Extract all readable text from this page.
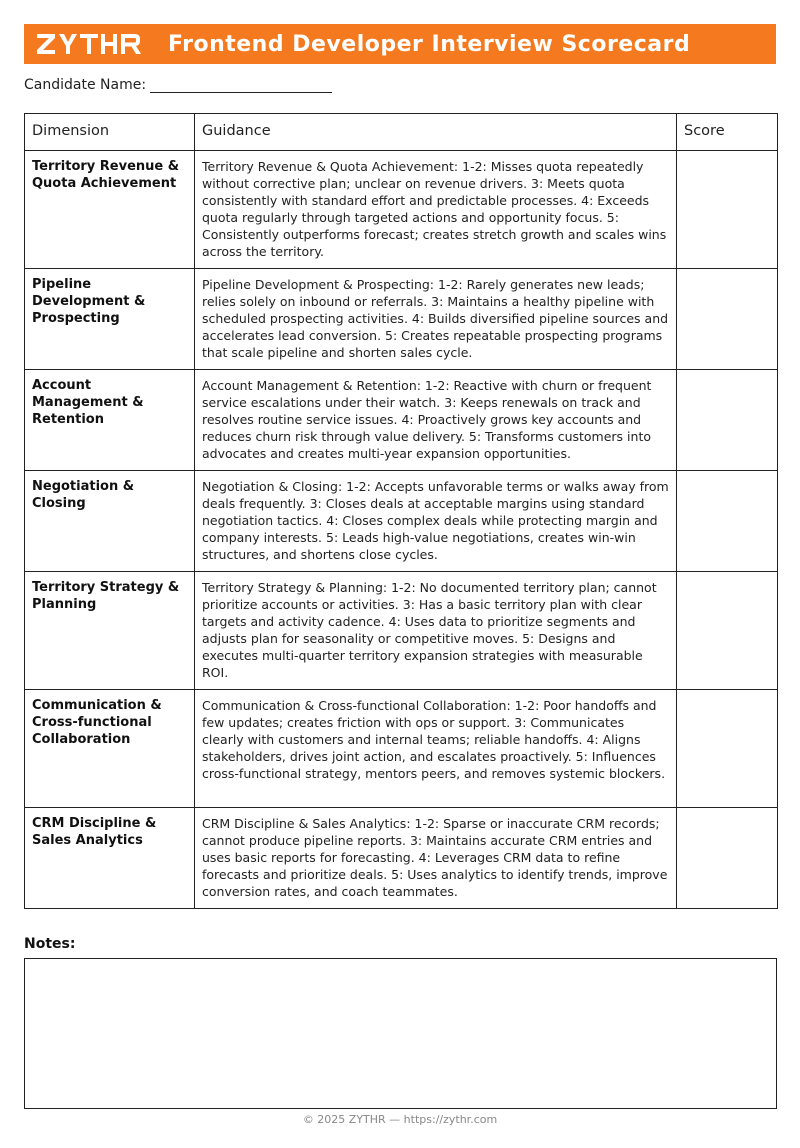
Frontend Developer Interview Scorecard
Candidate Name:
Dimension	Guidance	Score
Territory Revenue & Quota Achievement	Territory Revenue & Quota Achievement: 1-2: Misses quota repeatedly without corrective plan; unclear on revenue drivers. 3: Meets quota consistently with standard effort and predictable processes. 4: Exceeds quota regularly through targeted actions and opportunity focus. 5: Consistently outperforms forecast; creates stretch growth and scales wins across the territory.	
Pipeline Development & Prospecting	Pipeline Development & Prospecting: 1-2: Rarely generates new leads; relies solely on inbound or referrals. 3: Maintains a healthy pipeline with scheduled prospecting activities. 4: Builds diversified pipeline sources and accelerates lead conversion. 5: Creates repeatable prospecting programs that scale pipeline and shorten sales cycle.	
Account Management & Retention	Account Management & Retention: 1-2: Reactive with churn or frequent service escalations under their watch. 3: Keeps renewals on track and resolves routine service issues. 4: Proactively grows key accounts and reduces churn risk through value delivery. 5: Transforms customers into advocates and creates multi-year expansion opportunities.	
Negotiation & Closing	Negotiation & Closing: 1-2: Accepts unfavorable terms or walks away from deals frequently. 3: Closes deals at acceptable margins using standard negotiation tactics. 4: Closes complex deals while protecting margin and company interests. 5: Leads high-value negotiations, creates win-win structures, and shortens close cycles.	
Territory Strategy & Planning	Territory Strategy & Planning: 1-2: No documented territory plan; cannot prioritize accounts or activities. 3: Has a basic territory plan with clear targets and activity cadence. 4: Uses data to prioritize segments and adjusts plan for seasonality or competitive moves. 5: Designs and executes multi-quarter territory expansion strategies with measurable ROI.	
Communication & Cross-functional Collaboration	Communication & Cross-functional Collaboration: 1-2: Poor handoffs and few updates; creates friction with ops or support. 3: Communicates clearly with customers and internal teams; reliable handoffs. 4: Aligns stakeholders, drives joint action, and escalates proactively. 5: Influences cross-functional strategy, mentors peers, and removes systemic blockers.	
CRM Discipline & Sales Analytics	CRM Discipline & Sales Analytics: 1-2: Sparse or inaccurate CRM records; cannot produce pipeline reports. 3: Maintains accurate CRM entries and uses basic reports for forecasting. 4: Leverages CRM data to refine forecasts and prioritize deals. 5: Uses analytics to identify trends, improve conversion rates, and coach teammates.	
Notes:
© 2025 ZYTHR — https://zythr.com
